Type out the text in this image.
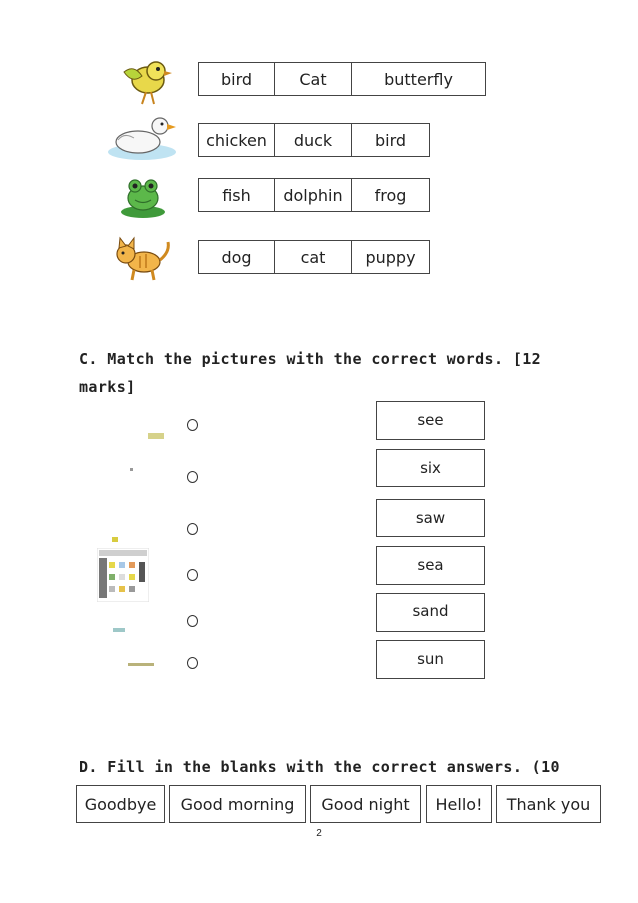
bird	Cat	butterfly
chicken	duck	bird
fish	dolphin	frog
dog	cat	puppy
C. Match the pictures with the correct words. [12
marks]
see
six
saw
sea
sand
sun
D. Fill in the blanks with the correct answers. (10
Goodbye	Good morning	Good night	Hello!	Thank you
2
